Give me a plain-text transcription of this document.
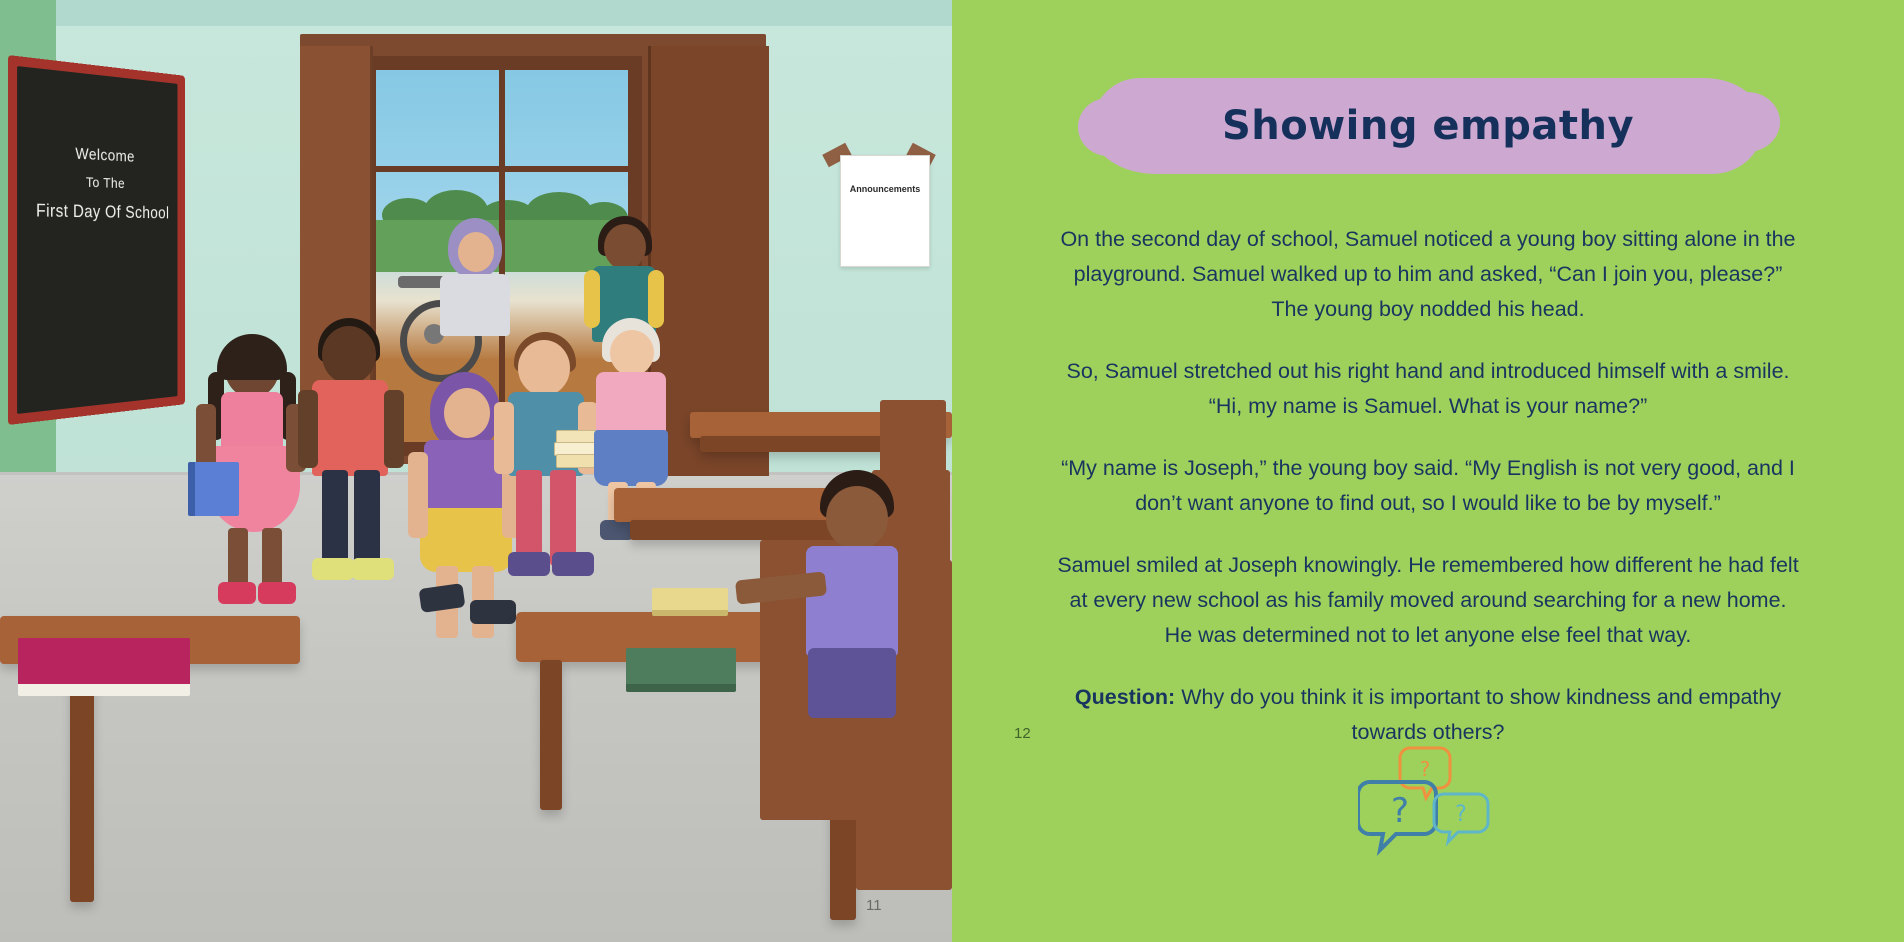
Welcome
To The
First Day Of School
Announcements
11
Showing empathy

On the second day of school, Samuel noticed a young boy sitting alone in the playground. Samuel walked up to him and asked, “Can I join you, please?” The young boy nodded his head.

So, Samuel stretched out his right hand and introduced himself with a smile. “Hi, my name is Samuel. What is your name?”

“My name is Joseph,” the young boy said. “My English is not very good, and I don’t want anyone to find out, so I would like to be by myself.”

Samuel smiled at Joseph knowingly. He remembered how different he had felt at every new school as his family moved around searching for a new home. He was determined not to let anyone else feel that way.

Question: Why do you think it is important to show kindness and empathy towards others?

?
? ?
12
